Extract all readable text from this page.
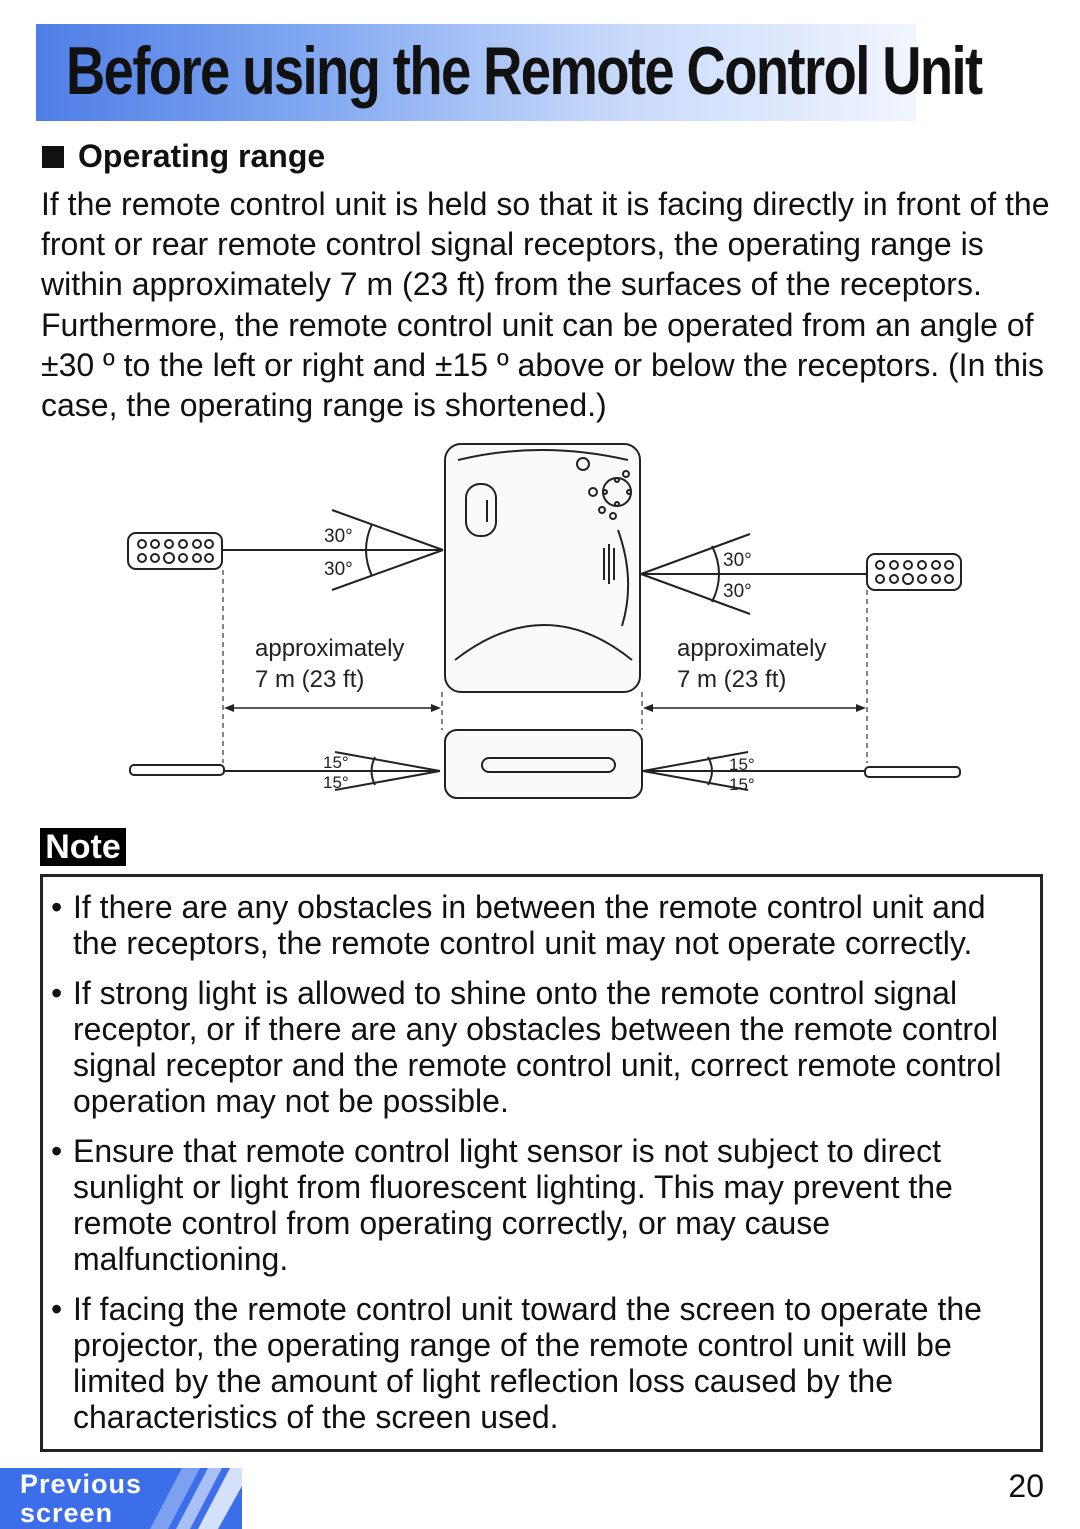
Before using the Remote Control Unit
Operating range

If the remote control unit is held so that it is facing directly in front of the front or rear remote control signal receptors, the operating range is within approximately 7 m (23 ft) from the surfaces of the receptors. Furthermore, the remote control unit can be operated from an angle of ±30 º to the left or right and ±15 º above or below the receptors. (In this case, the operating range is shortened.)

30°
30°	30°
30°
approximately
7 m (23 ft)
approximately
7 m (23 ft)
15°
15°
15°
15°
Note
• If there are any obstacles in between the remote control unit and the receptors, the remote control unit may not operate correctly.
• If strong light is allowed to shine onto the remote control signal receptor, or if there are any obstacles between the remote control signal receptor and the remote control unit, correct remote control operation may not be possible.
• Ensure that remote control light sensor is not subject to direct sunlight or light from fluorescent lighting. This may prevent the remote control from operating correctly, or may cause malfunctioning.
• If facing the remote control unit toward the screen to operate the projector, the operating range of the remote control unit will be limited by the amount of light reflection loss caused by the characteristics of the screen used.
Previous
screen
20
